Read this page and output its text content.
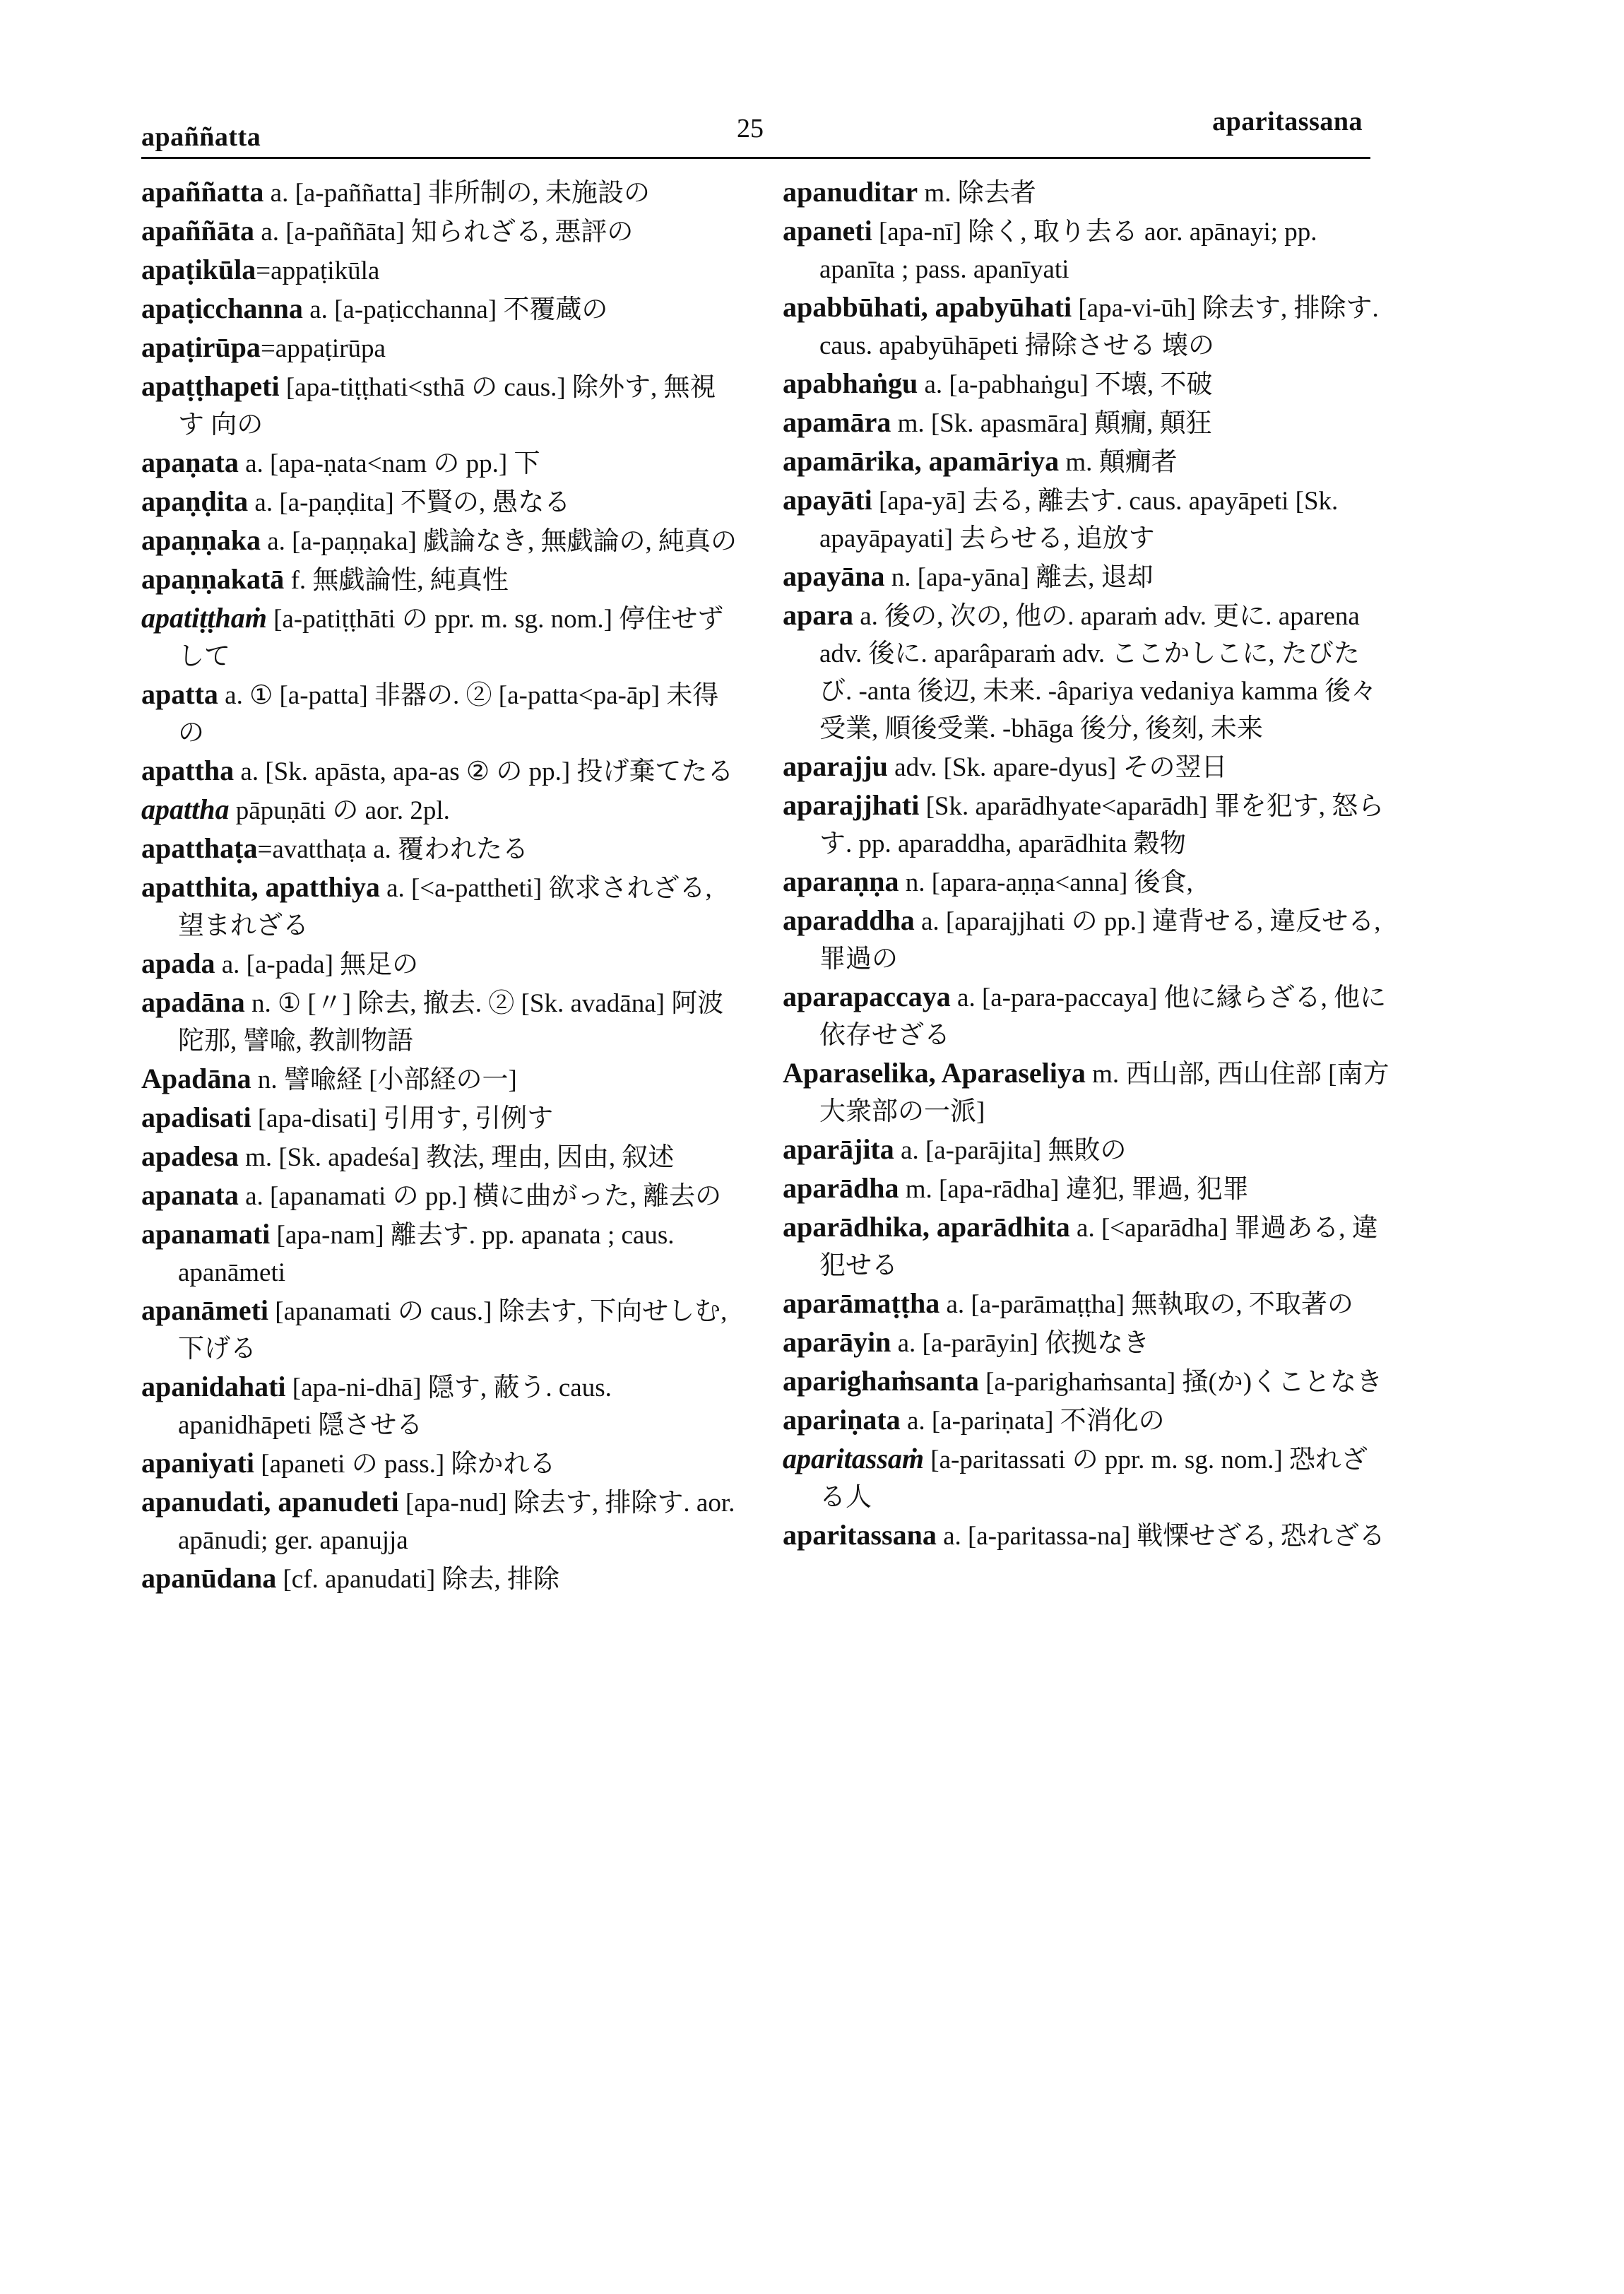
apaññatta	25	aparitassana

apaññatta a. [a-paññatta] 非所制の, 未施設の

apaññāta a. [a-paññāta] 知られざる, 悪評の

apaṭikūla=appaṭikūla

apaṭicchanna a. [a-paṭicchanna] 不覆蔵の

apaṭirūpa=appaṭirūpa

apaṭṭhapeti [apa-tiṭṭhati<sthā の caus.] 除外す, 無視す 向の

apaṇata a. [apa-ṇata<nam の pp.] 下

apaṇḍita a. [a-paṇḍita] 不賢の, 愚なる

apaṇṇaka a. [a-paṇṇaka] 戯論なき, 無戯論の, 純真の

apaṇṇakatā f. 無戯論性, 純真性

apatiṭṭhaṁ [a-patiṭṭhāti の ppr. m. sg. nom.] 停住せずして

apatta a. ① [a-patta] 非器の. ② [a-patta<pa-āp] 未得の

apattha a. [Sk. apāsta, apa-as ② の pp.] 投げ棄てたる

apattha pāpuṇāti の aor. 2pl.

apatthaṭa=avatthaṭa a. 覆われたる

apatthita, apatthiya a. [<a-pattheti] 欲求されざる, 望まれざる

apada a. [a-pada] 無足の

apadāna n. ① [〃] 除去, 撤去. ② [Sk. avadāna] 阿波陀那, 譬喩, 教訓物語

Apadāna n. 譬喩経 [小部経の一]

apadisati [apa-disati] 引用す, 引例す

apadesa m. [Sk. apadeśa] 教法, 理由, 因由, 叙述

apanata a. [apanamati の pp.] 横に曲がった, 離去の

apanamati [apa-nam] 離去す. pp. apanata ; caus. apanāmeti

apanāmeti [apanamati の caus.] 除去す, 下向せしむ, 下げる

apanidahati [apa-ni-dhā] 隠す, 蔽う. caus. apanidhāpeti 隠させる

apaniyati [apaneti の pass.] 除かれる

apanudati, apanudeti [apa-nud] 除去す, 排除す. aor. apānudi; ger. apanujja

apanūdana [cf. apanudati] 除去, 排除

apanuditar m. 除去者

apaneti [apa-nī] 除く, 取り去る aor. apānayi; pp. apanīta ; pass. apanīyati

apabbūhati, apabyūhati [apa-vi-ūh] 除去す, 排除す. caus. apabyūhāpeti 掃除させる 壊の

apabhaṅgu a. [a-pabhaṅgu] 不壊, 不破

apamāra m. [Sk. apasmāra] 顛癇, 顛狂

apamārika, apamāriya m. 顛癇者

apayāti [apa-yā] 去る, 離去す. caus. apayāpeti [Sk. apayāpayati] 去らせる, 追放す

apayāna n. [apa-yāna] 離去, 退却

apara a. 後の, 次の, 他の. aparaṁ adv. 更に. aparena adv. 後に. aparâparaṁ adv. ここかしこに, たびたび. -anta 後辺, 未来. -âpariya vedaniya kamma 後々受業, 順後受業. -bhāga 後分, 後刻, 未来

aparajju adv. [Sk. apare-dyus] その翌日

aparajjhati [Sk. aparādhyate<aparādh] 罪を犯す, 怒らす. pp. aparaddha, aparādhita 穀物

aparaṇṇa n. [apara-aṇṇa<anna] 後食,

aparaddha a. [aparajjhati の pp.] 違背せる, 違反せる, 罪過の

aparapaccaya a. [a-para-paccaya] 他に縁らざる, 他に依存せざる

Aparaselika, Aparaseliya m. 西山部, 西山住部 [南方大衆部の一派]

aparājita a. [a-parājita] 無敗の

aparādha m. [apa-rādha] 違犯, 罪過, 犯罪

aparādhika, aparādhita a. [<aparādha] 罪過ある, 違犯せる

aparāmaṭṭha a. [a-parāmaṭṭha] 無執取の, 不取著の

aparāyin a. [a-parāyin] 依拠なき

aparighaṁsanta [a-parighaṁsanta] 掻(か)くことなき

apariṇata a. [a-pariṇata] 不消化の

aparitassaṁ [a-paritassati の ppr. m. sg. nom.] 恐れざる人

aparitassana a. [a-paritassa-na] 戦慄せざる, 恐れざる
